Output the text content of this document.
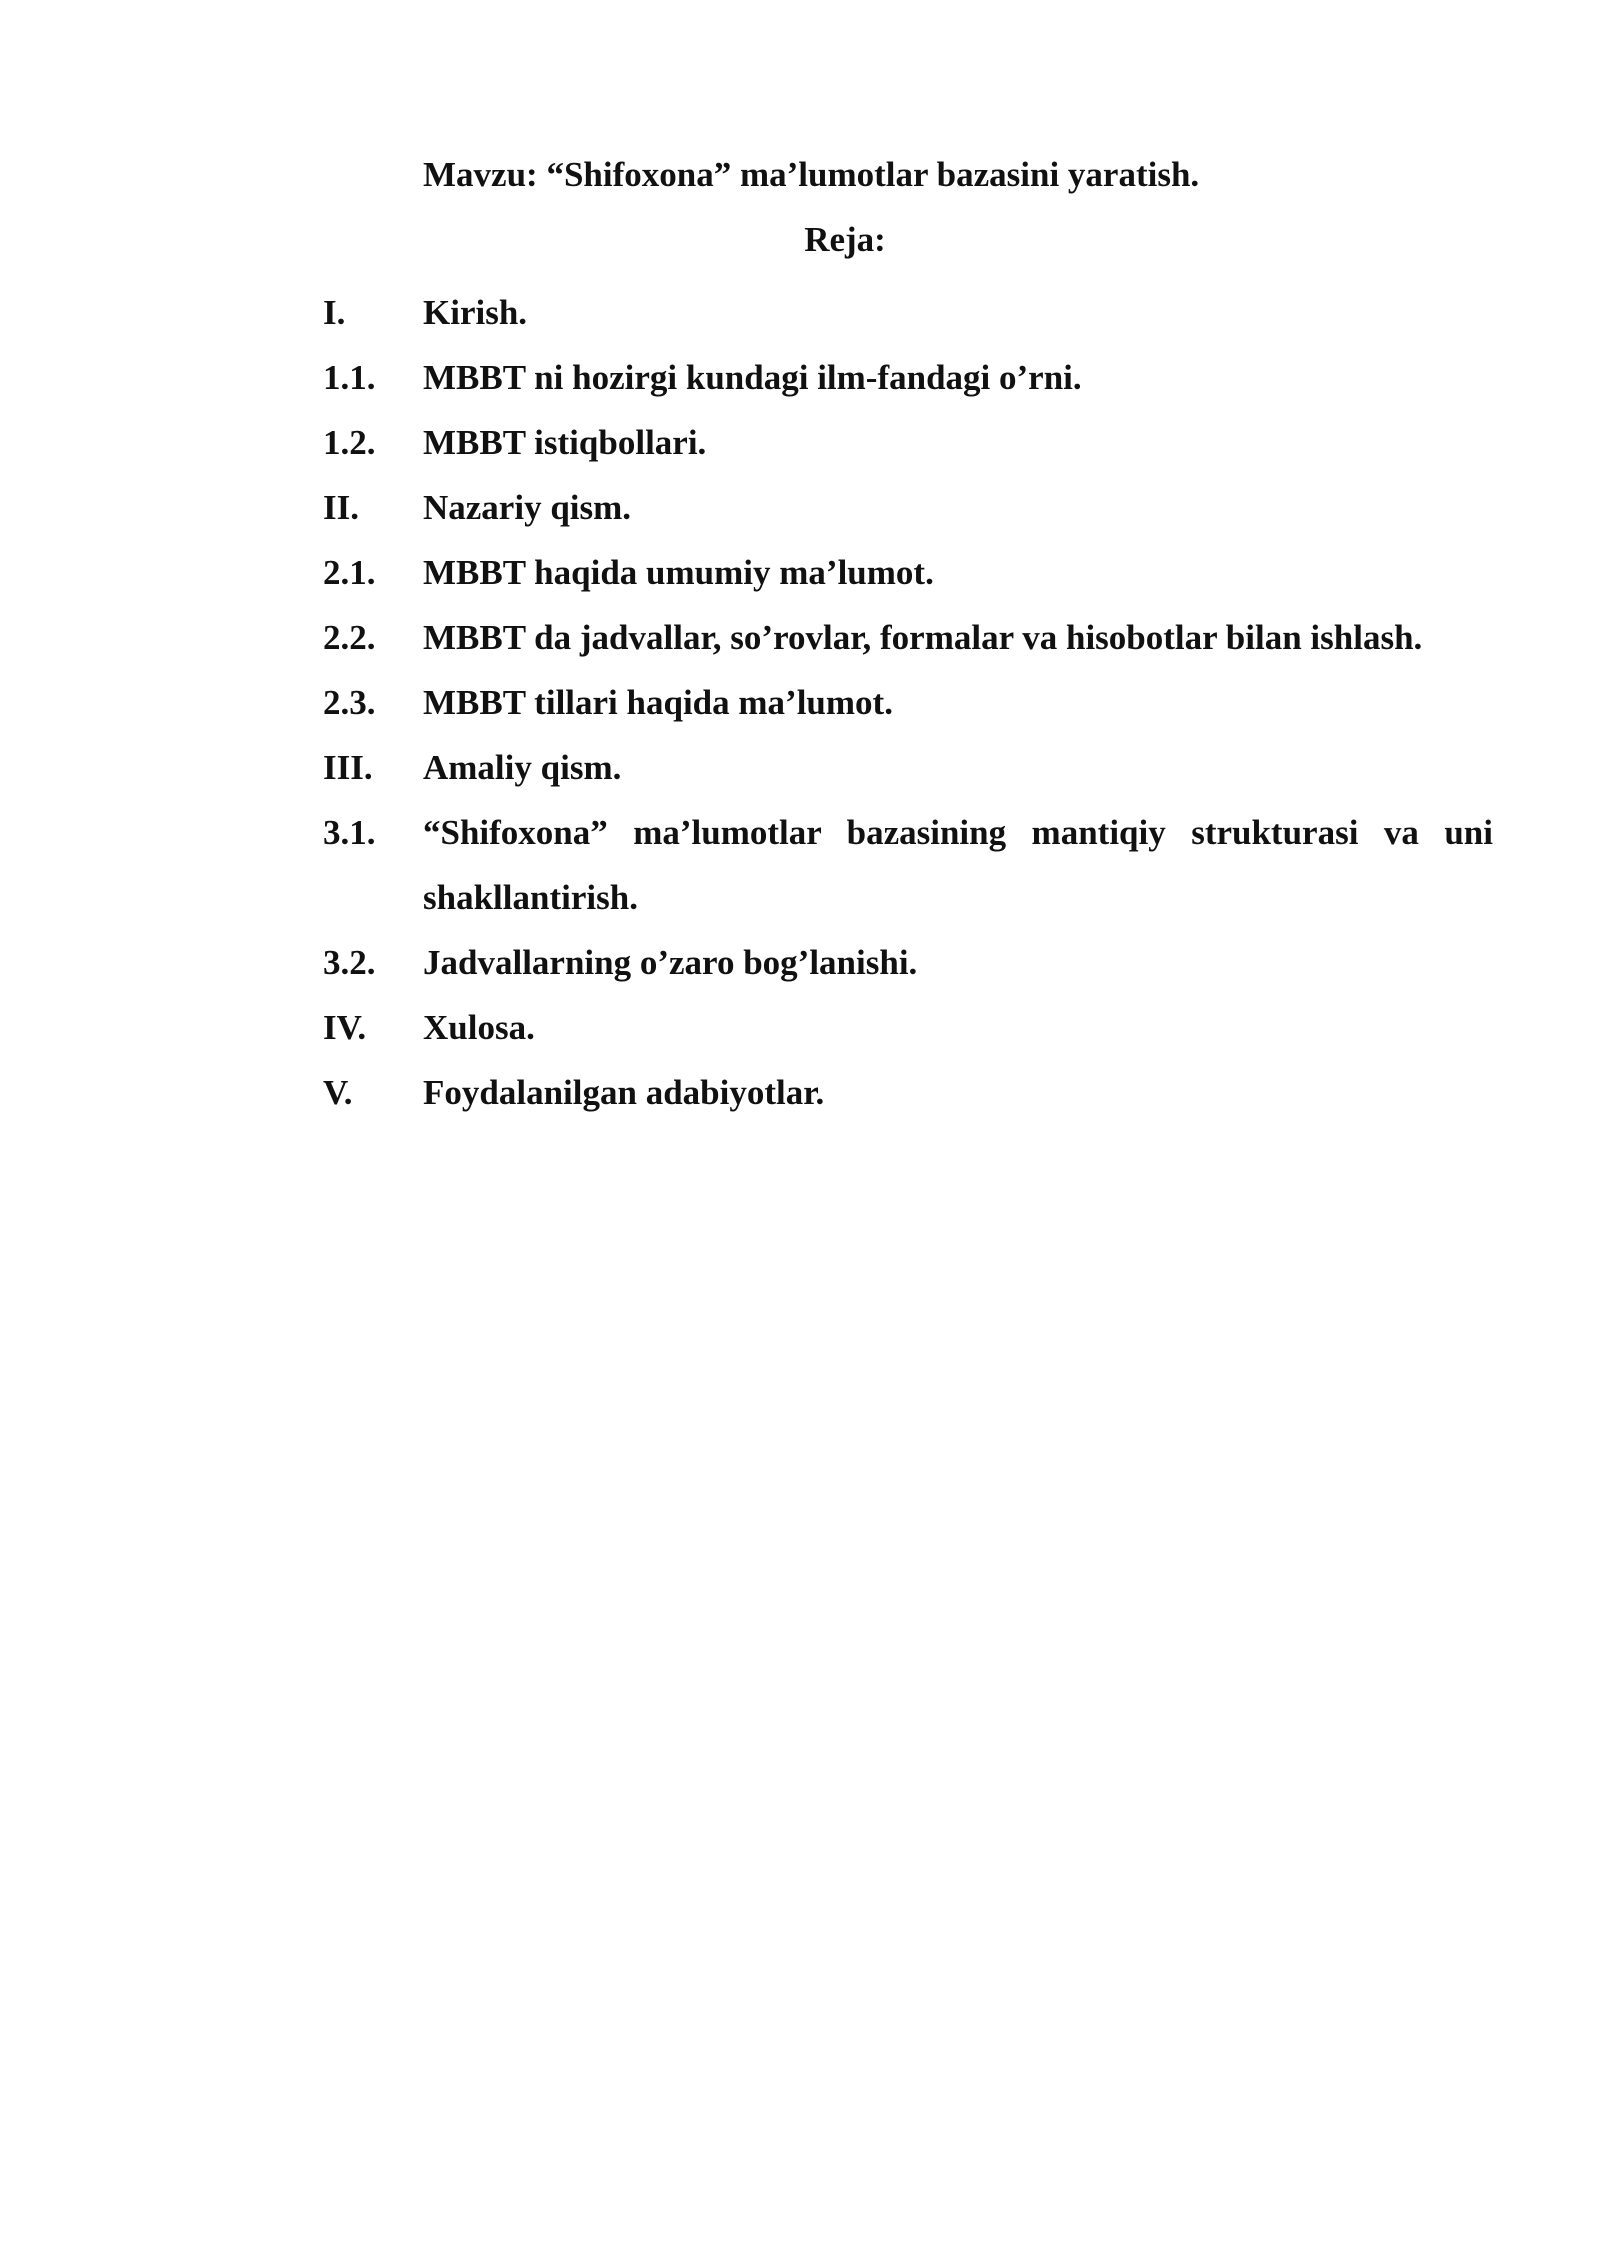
Mavzu: “Shifoxona” ma’lumotlar bazasini yaratish.
Reja:
I.	Kirish.
1.1.	MBBT ni hozirgi kundagi ilm-fandagi o’rni.
1.2.	MBBT istiqbollari.
II.	Nazariy qism.
2.1.	MBBT haqida umumiy ma’lumot.
2.2.	MBBT da jadvallar, so’rovlar, formalar va hisobotlar bilan ishlash.
2.3.	MBBT tillari haqida ma’lumot.
III.	Amaliy qism.
3.1.	“Shifoxona” ma’lumotlar bazasining mantiqiy strukturasi va uni shakllantirish.
3.2.	Jadvallarning o’zaro bog’lanishi.
IV.	Xulosa.
V.	Foydalanilgan adabiyotlar.
